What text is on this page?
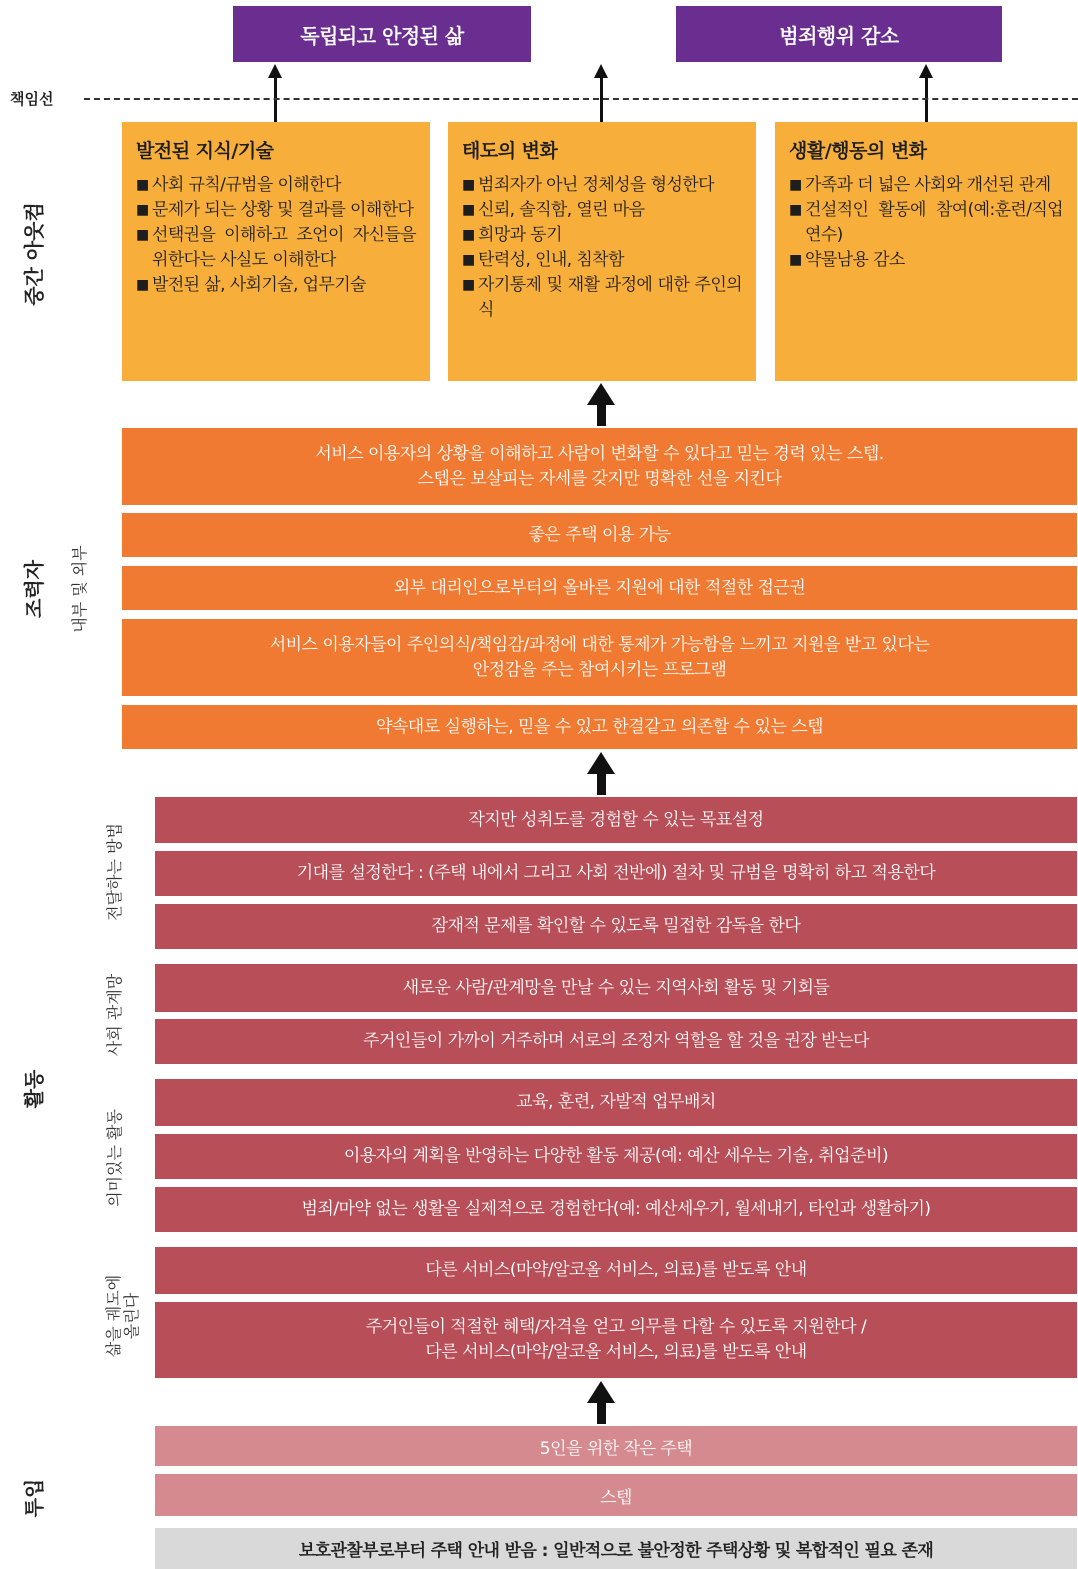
독립되고 안정된 삶	범죄행위 감소
책임선
중간 아웃컴
발전된 지식/기술
■ 사회 규칙/규범을 이해한다
■ 문제가 되는 상황 및 결과를 이해한다
■ 선택권을 이해하고 조언이 자신들을 위한다는 사실도 이해한다
■ 발전된 삶, 사회기술, 업무기술
태도의 변화
■ 범죄자가 아닌 정체성을 형성한다
■ 신뢰, 솔직함, 열린 마음
■ 희망과 동기
■ 탄력성, 인내, 침착함
■ 자기통제 및 재활 과정에 대한 주인의식
생활/행동의 변화
■ 가족과 더 넓은 사회와 개선된 관계
■ 건설적인 활동에 참여(예:훈련/직업연수)
■ 약물남용 감소
조력자 내부 및 외부
서비스 이용자의 상황을 이해하고 사람이 변화할 수 있다고 믿는 경력 있는 스텝.
스텝은 보살피는 자세를 갖지만 명확한 선을 지킨다
좋은 주택 이용 가능
외부 대리인으로부터의 올바른 지원에 대한 적절한 접근권
서비스 이용자들이 주인의식/책임감/과정에 대한 통제가 가능함을 느끼고 지원을 받고 있다는
안정감을 주는 참여시키는 프로그램
약속대로 실행하는, 믿을 수 있고 한결같고 의존할 수 있는 스텝
활동
전달하는 방법
사회 관계망
의미있는 활동
삶을 궤도에
올린다
작지만 성취도를 경험할 수 있는 목표설정
기대를 설정한다 : (주택 내에서 그리고 사회 전반에) 절차 및 규범을 명확히 하고 적용한다
잠재적 문제를 확인할 수 있도록 밀접한 감독을 한다
새로운 사람/관계망을 만날 수 있는 지역사회 활동 및 기회들
주거인들이 가까이 거주하며 서로의 조정자 역할을 할 것을 권장 받는다
교육, 훈련, 자발적 업무배치
이용자의 계획을 반영하는 다양한 활동 제공(예: 예산 세우는 기술, 취업준비)
범죄/마약 없는 생활을 실제적으로 경험한다(예: 예산세우기, 월세내기, 타인과 생활하기)
다른 서비스(마약/알코올 서비스, 의료)를 받도록 안내
주거인들이 적절한 혜택/자격을 얻고 의무를 다할 수 있도록 지원한다 /
다른 서비스(마약/알코올 서비스, 의료)를 받도록 안내
투입
5인을 위한 작은 주택
스텝
보호관찰부로부터 주택 안내 받음 : 일반적으로 불안정한 주택상황 및 복합적인 필요 존재
